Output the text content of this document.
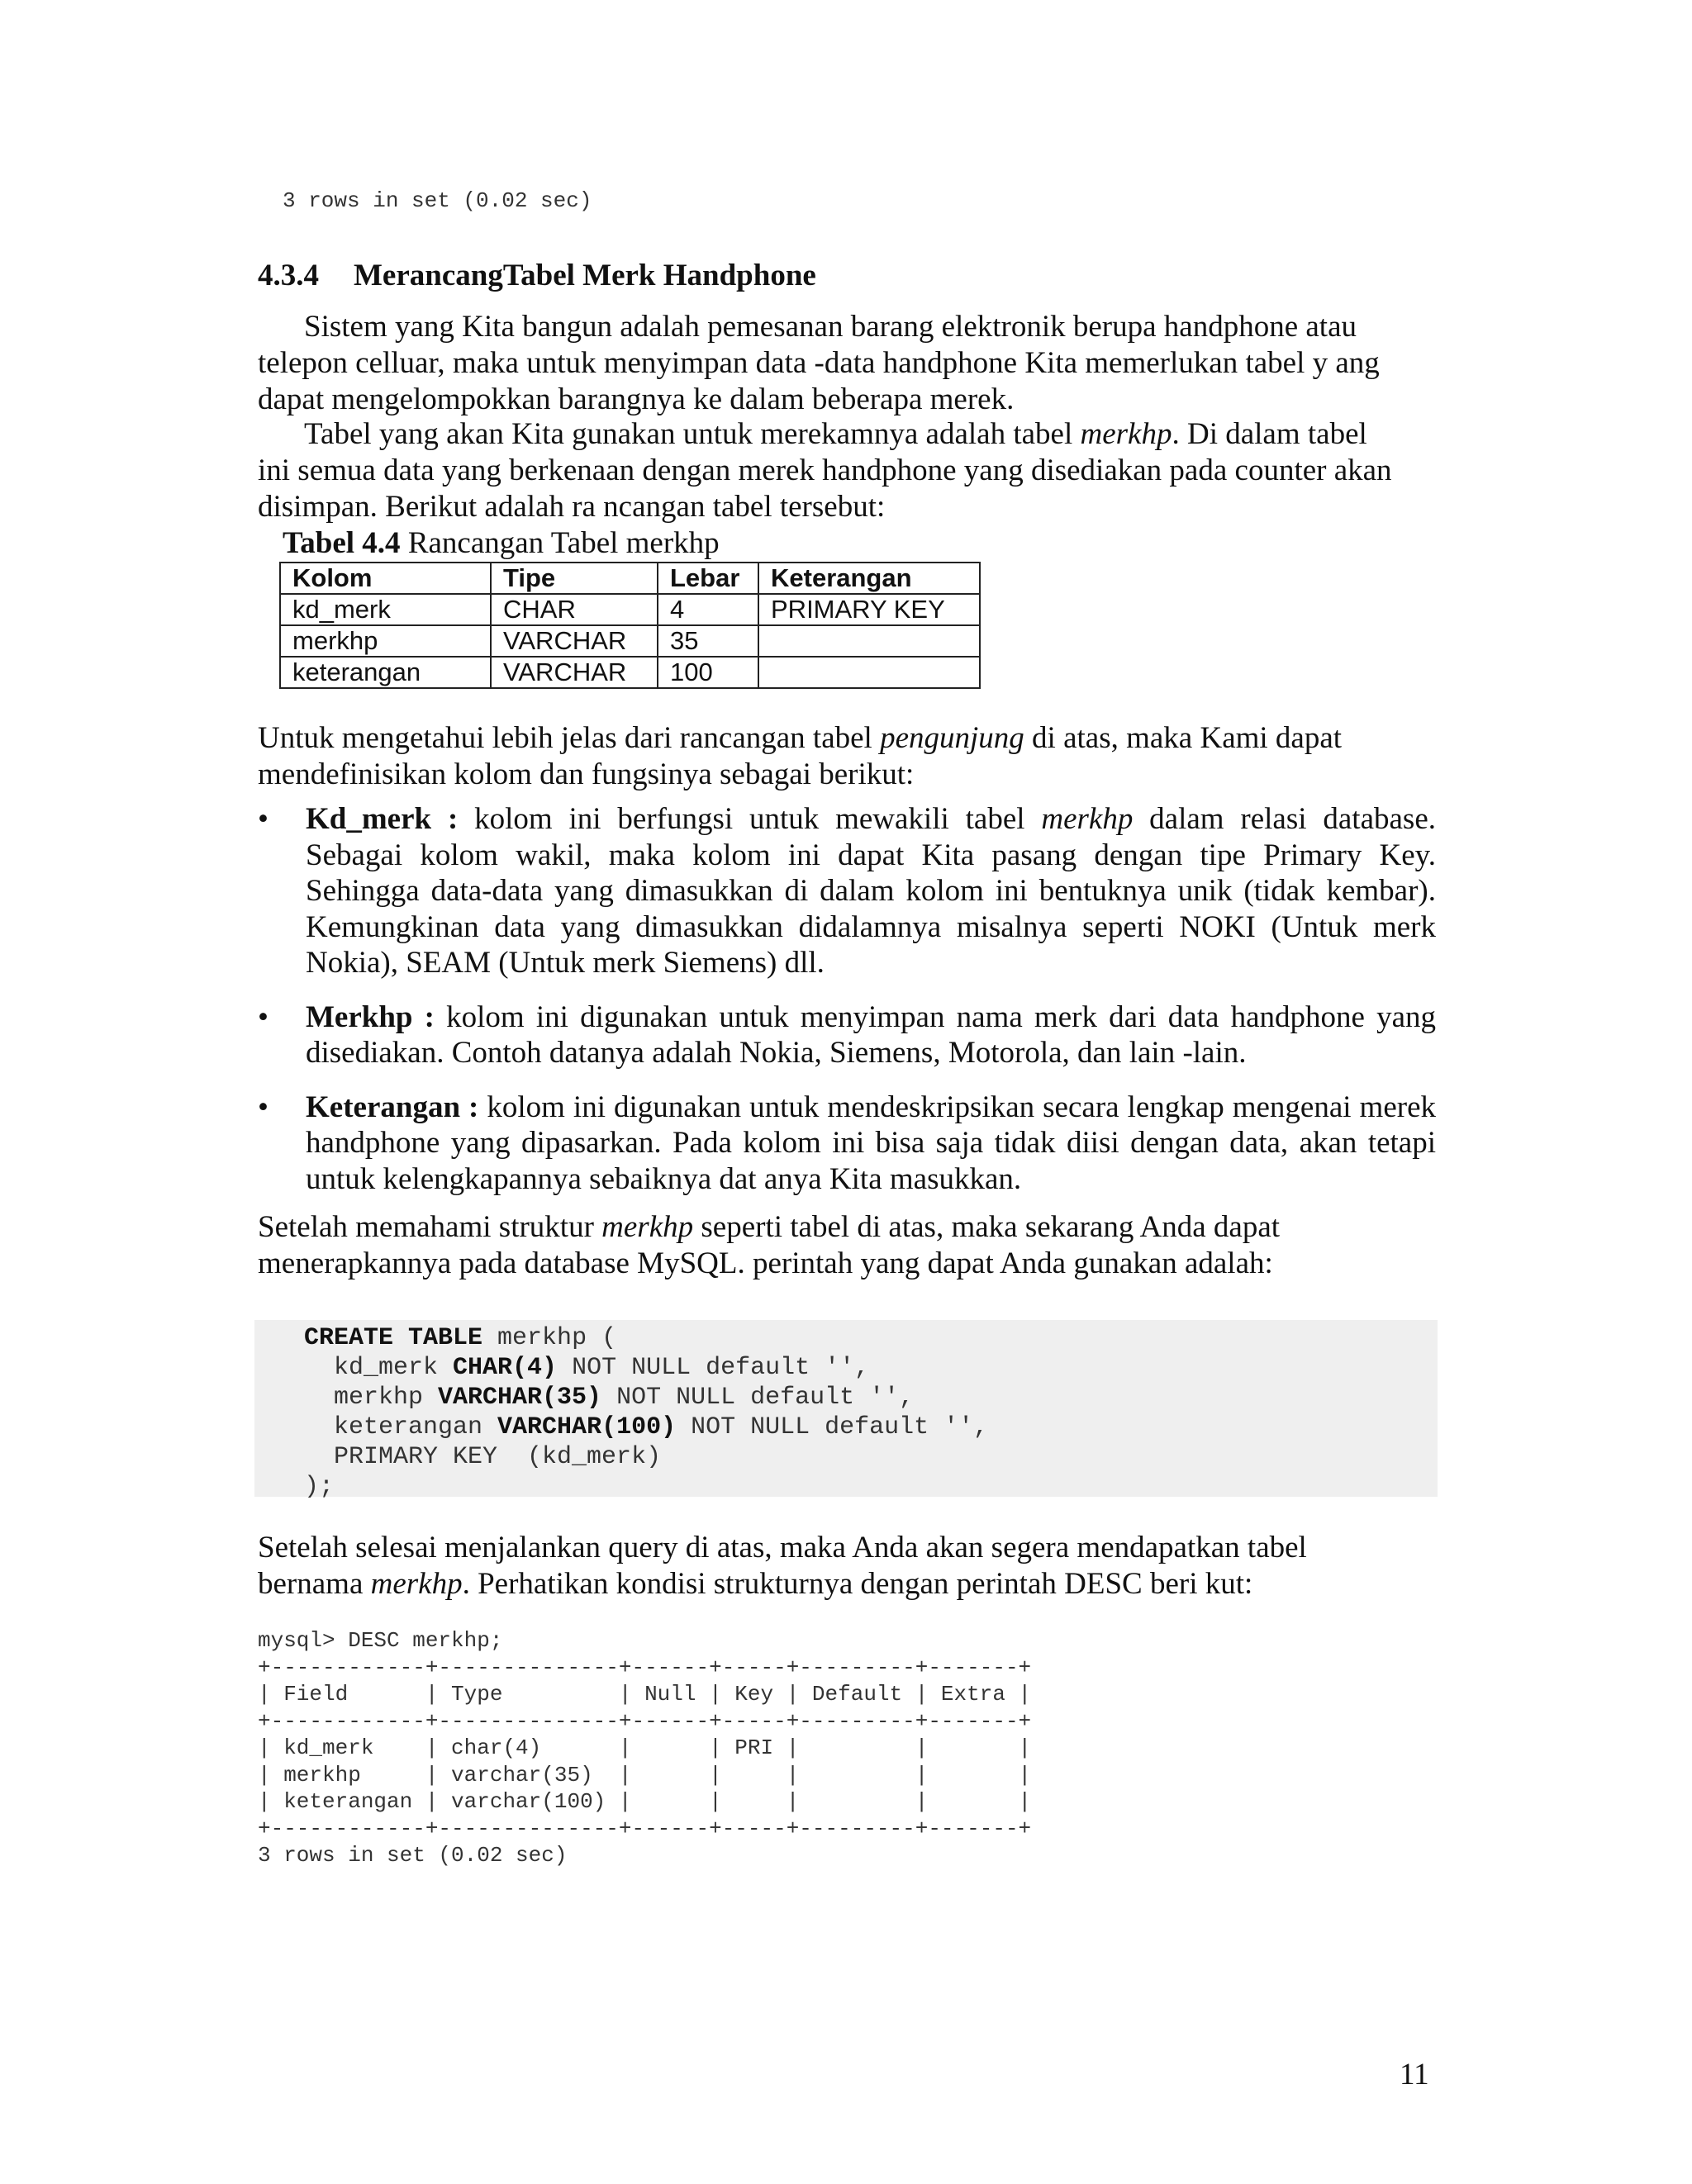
3 rows in set (0.02 sec)
4.3.4 MerancangTabel Merk Handphone

Sistem yang Kita bangun adalah pemesanan barang elektronik berupa handphone atau
telepon celluar, maka untuk menyimpan data -data handphone Kita memerlukan tabel y ang
dapat mengelompokkan barangnya ke dalam beberapa merek.

Tabel yang akan Kita gunakan untuk merekamnya adalah tabel merkhp. Di dalam tabel
ini semua data yang berkenaan dengan merek handphone yang disediakan pada counter akan
disimpan. Berikut adalah ra ncangan tabel tersebut:

Tabel 4.4 Rancangan Tabel merkhp
Kolom	Tipe	Lebar	Keterangan
kd_merk	CHAR	4	PRIMARY KEY
merkhp	VARCHAR	35	
keterangan	VARCHAR	100	

Untuk mengetahui lebih jelas dari rancangan tabel pengunjung di atas, maka Kami dapat
mendefinisikan kolom dan fungsinya sebagai berikut:

• Kd_merk : kolom ini berfungsi untuk mewakili tabel merkhp dalam relasi database. Sebagai kolom wakil, maka kolom ini dapat Kita pasang dengan tipe Primary Key. Sehingga data-data yang dimasukkan di dalam kolom ini bentuknya unik (tidak kembar). Kemungkinan data yang dimasukkan didalamnya misalnya seperti NOKI (Untuk merk Nokia), SEAM (Untuk merk Siemens) dll.
• Merkhp : kolom ini digunakan untuk menyimpan nama merk dari data handphone yang disediakan. Contoh datanya adalah Nokia, Siemens, Motorola, dan lain -lain.
• Keterangan : kolom ini digunakan untuk mendeskripsikan secara lengkap mengenai merek handphone yang dipasarkan. Pada kolom ini bisa saja tidak diisi dengan data, akan tetapi untuk kelengkapannya sebaiknya dat anya Kita masukkan.

Setelah memahami struktur merkhp seperti tabel di atas, maka sekarang Anda dapat
menerapkannya pada database MySQL. perintah yang dapat Anda gunakan adalah:

CREATE TABLE merkhp (
kd_merk CHAR(4) NOT NULL default '',
merkhp VARCHAR(35) NOT NULL default '',
keterangan VARCHAR(100) NOT NULL default '',
PRIMARY KEY  (kd_merk)
);

Setelah selesai menjalankan query di atas, maka Anda akan segera mendapatkan tabel
bernama merkhp. Perhatikan kondisi strukturnya dengan perintah DESC beri kut:

mysql> DESC merkhp;
+------------+--------------+------+-----+---------+-------+
| Field      | Type         | Null | Key | Default | Extra |
+------------+--------------+------+-----+---------+-------+
| kd_merk    | char(4)      |      | PRI |         |       |
| merkhp     | varchar(35)  |      |     |         |       |
| keterangan | varchar(100) |      |     |         |       |
+------------+--------------+------+-----+---------+-------+
3 rows in set (0.02 sec)
11
